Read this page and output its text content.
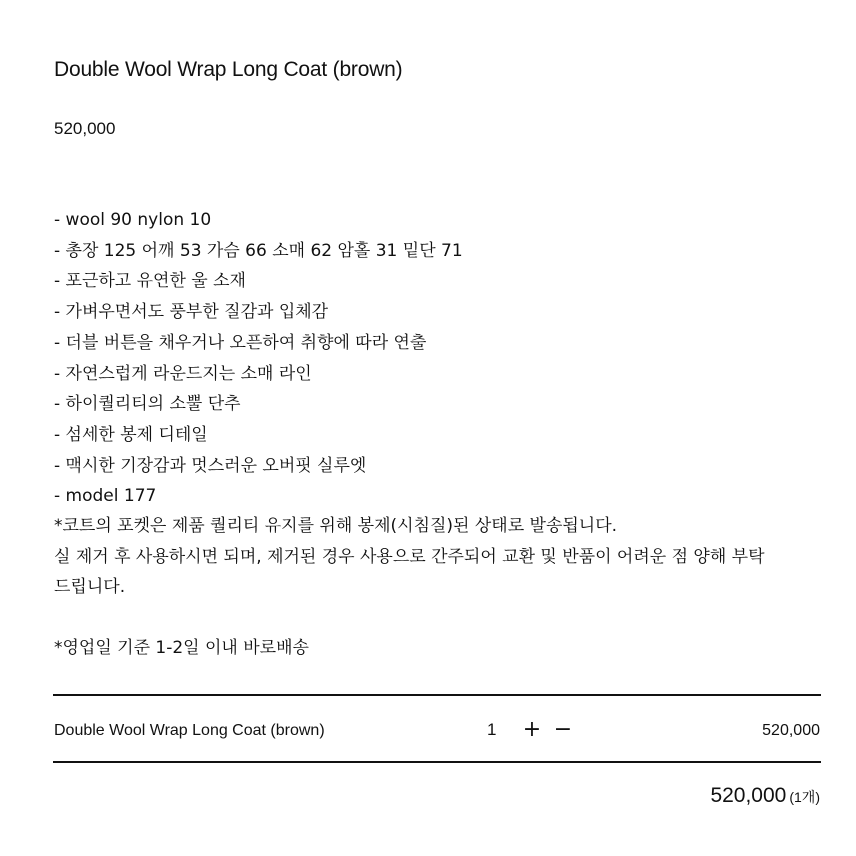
Double Wool Wrap Long Coat (brown)
520,000
- wool 90 nylon 10
- 총장 125 어깨 53 가슴 66 소매 62 암홀 31 밑단 71
- 포근하고 유연한 울 소재
- 가벼우면서도 풍부한 질감과 입체감
- 더블 버튼을 채우거나 오픈하여 취향에 따라 연출
- 자연스럽게 라운드지는 소매 라인
- 하이퀄리티의 소뿔 단추
- 섬세한 봉제 디테일
- 맥시한 기장감과 멋스러운 오버핏 실루엣
- model 177

*코트의 포켓은 제품 퀄리티 유지를 위해 봉제(시침질)된 상태로 발송됩니다.

실 제거 후 사용하시면 되며, 제거된 경우 사용으로 간주되어 교환 및 반품이 어려운 점 양해 부탁

드립니다.

*영업일 기준 1-2일 이내 바로배송
Double Wool Wrap Long Coat (brown)	1 + −	520,000
520,000 (1개)
